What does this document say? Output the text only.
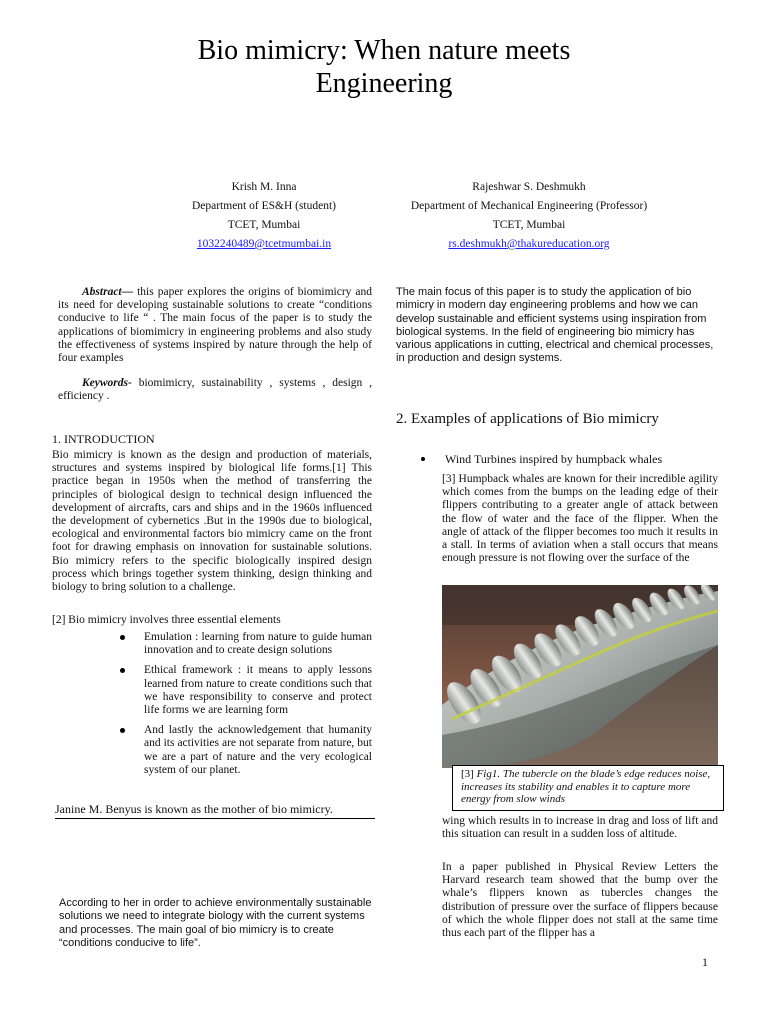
Bio mimicry: When nature meets
Engineering
Krish M. Inna
Department of ES&H (student)
TCET, Mumbai
1032240489@tcetmumbai.in
Rajeshwar S. Deshmukh
Department of Mechanical Engineering (Professor)
TCET, Mumbai
rs.deshmukh@thakureducation.org
Abstract— this paper explores the origins of biomimicry and its need for developing sustainable solutions to create “conditions conducive to life “ . The main focus of the paper is to study the applications of biomimicry in engineering problems and also study the effectiveness of systems inspired by nature through the help of four examples
Keywords- biomimicry, sustainability , systems , design , efficiency .
1. INTRODUCTION
Bio mimicry is known as the design and production of materials, structures and systems inspired by biological life forms.[1] This practice began in 1950s when the method of transferring the principles of biological design to technical design influenced the development of aircrafts, cars and ships and in the 1960s influenced the development of cybernetics .But in the 1990s due to biological, ecological and environmental factors bio mimicry came on the front foot for drawing emphasis on innovation for sustainable solutions. Bio mimicry refers to the specific biologically inspired design process which brings together system thinking, design thinking and biology to bring solution to a challenge.
[2] Bio mimicry involves three essential elements
Emulation : learning from nature to guide human innovation and to create design solutions
Ethical framework : it means to apply lessons learned from nature to create conditions such that we have responsibility to conserve and protect life forms we are learning form
And lastly the acknowledgement that humanity and its activities are not separate from nature, but we are a part of nature and the very ecological system of our planet.
Janine M. Benyus is known as the mother of bio mimicry.
According to her in order to achieve environmentally sustainable solutions we need to integrate biology with the current systems and processes. The main goal of bio mimicry is to create “conditions conducive to life”.
The main focus of this paper is to study the application of bio mimicry in modern day engineering problems and how we can develop sustainable and efficient systems using inspiration from biological systems. In the field of engineering bio mimicry has various applications in cutting, electrical and chemical processes, in production and design systems.
2. Examples of applications of Bio mimicry
Wind Turbines inspired by humpback whales
[3] Humpback whales are known for their incredible agility which comes from the bumps on the leading edge of their flippers contributing to a greater angle of attack between the flow of water and the face of the flipper. When the angle of attack of the flipper becomes too much it results in a stall. In terms of aviation when a stall occurs that means enough pressure is not flowing over the surface of the
[3] Fig1. The tubercle on the blade’s edge reduces noise, increases its stability and enables it to capture more energy from slow winds
wing which results in to increase in drag and loss of lift and this situation can result in a sudden loss of altitude.
In a paper published in Physical Review Letters the Harvard research team showed that the bump over the whale’s flippers known as tubercles changes the distribution of pressure over the surface of flippers because of which the whole flipper does not stall at the same time thus each part of the flipper has a
1
